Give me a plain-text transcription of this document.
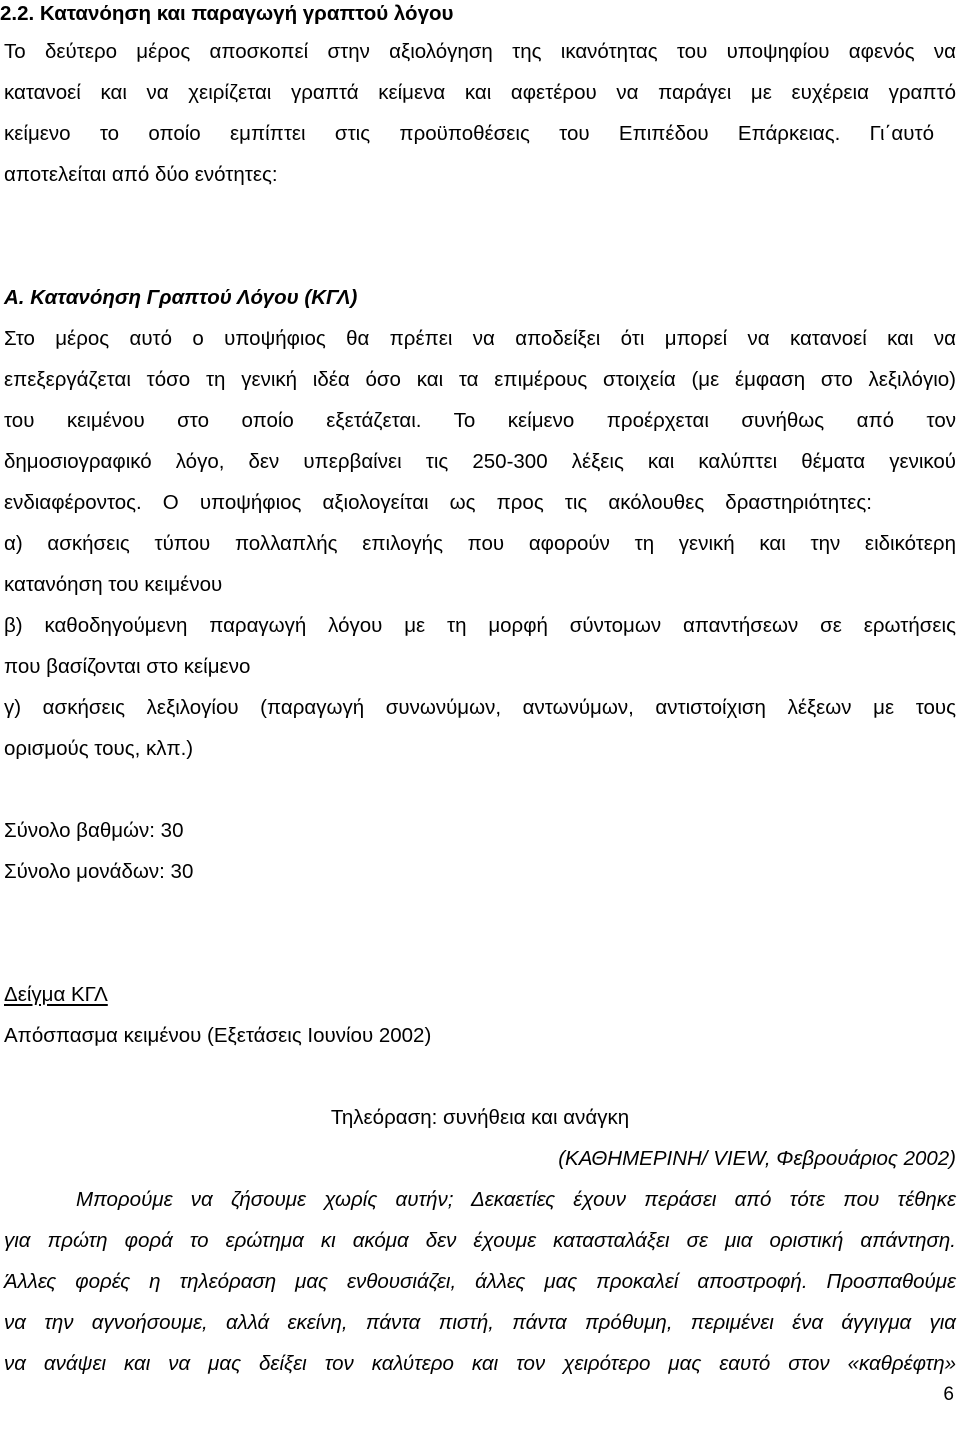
2.2. Κατανόηση και παραγωγή γραπτού λόγου
Το δεύτερο μέρος αποσκοπεί στην αξιολόγηση της ικανότητας του υποψηφίου αφενός να
κατανοεί και να χειρίζεται γραπτά κείμενα και αφετέρου να παράγει με ευχέρεια γραπτό
κείμενο το οποίο εμπίπτει στις προϋποθέσεις του Επιπέδου Επάρκειας. Γι΄αυτό
αποτελείται από δύο ενότητες:
Α. Κατανόηση Γραπτού Λόγου (ΚΓΛ)
Στο μέρος αυτό ο υποψήφιος θα πρέπει να αποδείξει ότι μπορεί να κατανοεί και να
επεξεργάζεται τόσο τη γενική ιδέα όσο και τα επιμέρους στοιχεία (με έμφαση στο λεξιλόγιο)
του κειμένου στο οποίο εξετάζεται. Το κείμενο προέρχεται συνήθως από τον
δημοσιογραφικό λόγο, δεν υπερβαίνει τις 250-300 λέξεις και καλύπτει θέματα γενικού
ενδιαφέροντος. Ο υποψήφιος αξιολογείται ως προς τις ακόλουθες δραστηριότητες:
α) ασκήσεις τύπου πολλαπλής επιλογής που αφορούν τη γενική και την ειδικότερη
κατανόηση του κειμένου
β) καθοδηγούμενη παραγωγή λόγου με τη μορφή σύντομων απαντήσεων σε ερωτήσεις
που βασίζονται στο κείμενο
γ) ασκήσεις λεξιλογίου (παραγωγή συνωνύμων, αντωνύμων, αντιστοίχιση λέξεων με τους
ορισμούς τους, κλπ.)
Σύνολο βαθμών: 30
Σύνολο μονάδων: 30
Δείγμα ΚΓΛ
Απόσπασμα κειμένου (Εξετάσεις Ιουνίου 2002)
Τηλεόραση: συνήθεια και ανάγκη
(ΚΑΘΗΜΕΡΙΝΗ/ VIEW, Φεβρουάριος 2002)
Μπορούμε να ζήσουμε χωρίς αυτήν; Δεκαετίες έχουν περάσει από τότε που τέθηκε
για πρώτη φορά το ερώτημα κι ακόμα δεν έχουμε κατασταλάξει σε μια οριστική απάντηση.
Άλλες φορές η τηλεόραση μας ενθουσιάζει, άλλες μας προκαλεί αποστροφή. Προσπαθούμε
να την αγνοήσουμε, αλλά εκείνη, πάντα πιστή, πάντα πρόθυμη, περιμένει ένα άγγιγμα για
να ανάψει και να μας δείξει τον καλύτερο και τον χειρότερο μας εαυτό στον «καθρέφτη»
6
